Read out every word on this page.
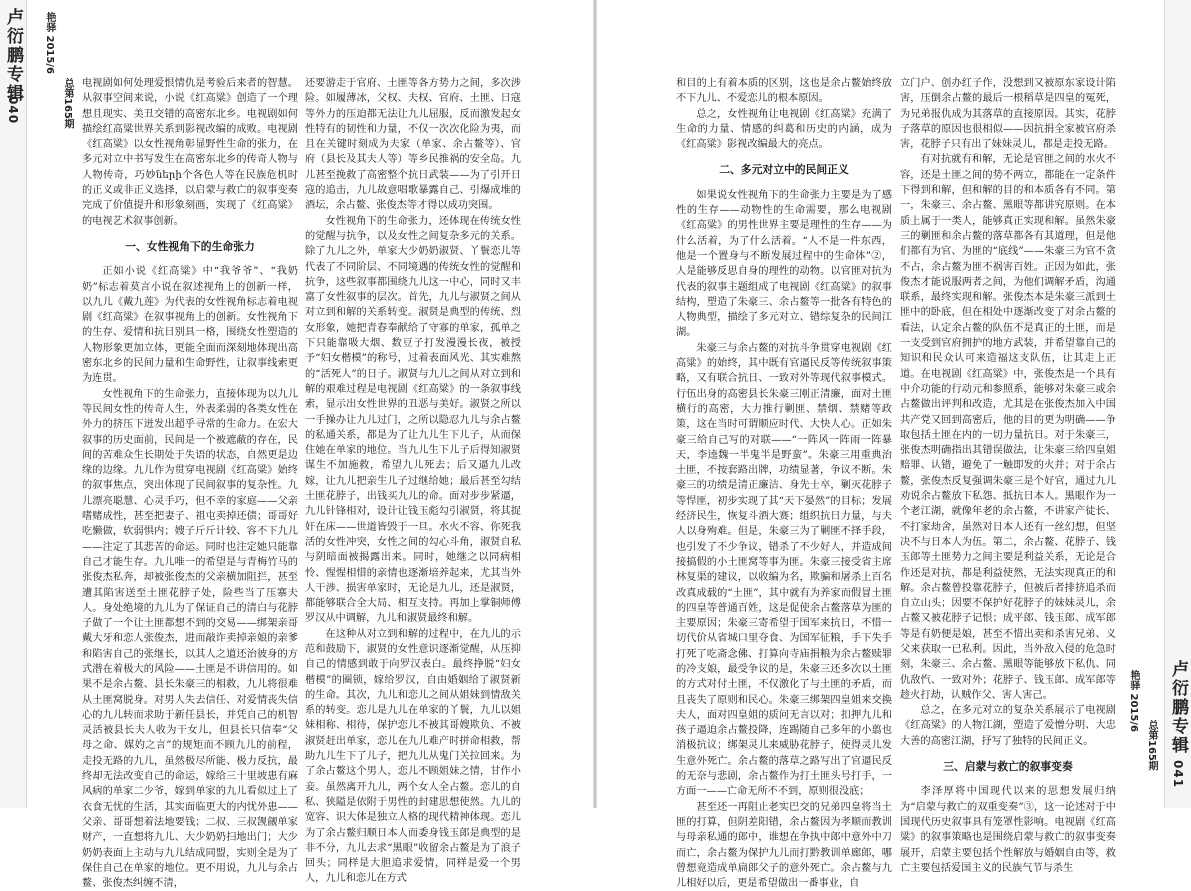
卢衍鹏专辑
040
艳驿 2015/6
总第165期 电视剧如何处理爱恨情仇是考验后来者的智慧。从叙事空间来说，小说《红高粱》创造了一个理想且现实、美丑交错的高密东北乡。电视剧如何描绘红高粱世界关系到影视改编的成败。电视剧《红高粱》以女性视角彰显野性生命的张力，在多元对立中书写发生在高密东北乡的传奇人物与人物传奇，巧妙ների个各色人等在民族危机时的正义或非正义选择，以启蒙与救亡的叙事变奏完成了价值提升和形象刻画，实现了《红高粱》的电视艺术叙事创新。

一、女性视角下的生命张力

正如小说《红高粱》中“我爷爷”、“我奶奶”标志着莫言小说在叙述视角上的创新一样，以九儿《戴九莲》为代表的女性视角标志着电视剧《红高粱》在叙事视角上的创新。女性视角下的生存、爱情和抗日别具一格，围绕女性塑造的人物形象更加立体，更能全面而深刻地体现出高密东北乡的民间力量和生命野性，让叙事线索更为连贯。

女性视角下的生命张力，直接体现为以九儿等民间女性的传奇人生，外表柔弱的各类女性在外力的挤压下迸发出超乎寻常的生命力。在宏大叙事的历史面前，民间是一个被遮蔽的存在，民间的苦难众生长期处于失语的状态，自然更是边缘的边缘。九儿作为贯穿电视剧《红高粱》始终的叙事焦点，突出体现了民间叙事的复杂性。九儿漂亮聪慧、心灵手巧，但不幸的家庭——父亲嗜赌成性，甚至把妻子、祖屯卖掉还债；哥哥好吃懒做，软弱惧内；嫂子斤斤计较、容不下九儿——注定了其悲苦的命运。同时也注定她只能靠自己才能生存。九儿唯一的希望是与青梅竹马的张俊杰私奔，却被张俊杰的父亲横加阻拦，甚至遭其陷害送至土匪花脖子处，险些当了压寨夫人。身处绝境的九儿为了保证自己的清白与花脖子做了一个让土匪都想不到的交易——绑架亲哥戴大牙和恋人张俊杰，进而敲诈卖掉亲娘的亲爹和陷害自己的张继长，以其人之道还治彼身的方式潜在着极大的风险——土匪是不讲信用的。如果不是余占鳌、县长朱豪三的相救，九儿将很难从土匪窝脱身。对男人失去信任、对爱情丧失信心的九儿转而求助于新任县长，并凭自己的机智灵活被县长夫人收为干女儿，但县长只信奉“父母之命、媒妁之言”的规矩而不顾九儿的前程，走投无路的九儿，虽然极尽所能、极力反抗，最终却无法改变自己的命运，嫁给三十里坡患有麻风病的单家二少爷，嫁到单家的九儿看似过上了衣食无忧的生活，其实面临更大的内忧外患——父亲、哥哥想着法地要钱；二叔、三叔觊觎单家财产，一直想将九儿、大少奶奶扫地出门；大少奶奶表面上主动与九儿结成同盟，实则全是为了保住自己在单家的地位。更不用说，九儿与余占鳌、张俊杰纠缠不清，

还要游走于官府、土匪等各方势力之间，多次涉险。如履薄冰，父权、夫权、官府、土匪、日寇等外力的压迫都无法让九儿屈服，反而激发起女性特有的韧性和力量，不仅一次次化险为夷，而且在关键时刻成为夫家（单家、余占鳌等）、官府（县长及其夫人等）等乡民推祸的安全岛。九儿甚至挽救了高密整个抗日武装——为了引开日寇的追击，九儿故意唱歌暴露自己、引爆成堆的酒坛，余占鳌、张俊杰等才得以成功突围。

女性视角下的生命张力，还体现在传统女性的觉醒与抗争，以及女性之间复杂多元的关系。除了九儿之外，单家大少奶奶淑贤、丫鬟恋儿等代表了不同阶层、不同境遇的传统女性的觉醒和抗争，这些叙事都围绕九儿这一中心，同时又丰富了女性叙事的层次。首先，九儿与淑贤之间从对立到和解的关系转变。淑贤是典型的传统、烈女形象，她把青春奉献给了守寡的单家，孤单之下只能靠吸大烟、数豆子打发漫漫长夜，被授予“妇女楷模”的称号，过着表面风光、其实难熬的“活死人”的日子。淑贤与九儿之间从对立到和解的艰难过程是电视剧《红高粱》的一条叙事线索，显示出女性世界的丑恶与美好。淑贤之所以一手操办让九儿过门，之所以隐忍九儿与余占鳌的私通关系，都是为了让九儿生下儿子，从而保住她在单家的地位。当九儿生下儿子后得知淑贤谋生不加施救，希望九儿死去；后又逼九儿改嫁，让九儿把亲生儿子过继给她；最后甚至勾结土匪花脖子，出钱买九儿的命。面对步步紧逼，九儿针锋相对，设计让钱玉彪勾引淑贤，将其捉奸在床——世道皆毁于一旦。水火不容、你死我活的女性冲突，女性之间的勾心斗角，淑贤自私与阴暗面被揭露出来。同时，她继之以同病相怜、惺惺相惜的亲情也逐渐培养起来，尤其当外人干涉、损害单家时，无论是九儿，还是淑贤，都能够联合全大局、相互支持。再加上掌铜师傅罗汉从中调解，九儿和淑贤最终和解。

在这种从对立到和解的过程中，在九儿的示范和鼓励下，淑贤的女性意识逐渐觉醒，从压抑自己的情感到敢于向罗汉表白。最终挣脱“妇女楷模”的圈锁，嫁给罗汉，自由婚姻给了淑贤新的生命。其次，九儿和恋儿之间从姐妹到情敌关系的转变。恋儿是九儿在单家的丫鬟，九儿以姐妹相称、相待，保护恋儿不被其哥嫂欺负、不被淑贤赶出单家，恋儿在九儿难产时拼命相救，帮助九儿生下了儿子，把九儿从鬼门关拉回来。为了余占鳌这个男人，恋儿不顾姐妹之情，甘作小妾。虽然离开九儿，两个女人全占鳌。恋儿的自私、狭隘是依附于男性的封建思想使然。九儿的宽容、识大体是独立人格的现代精神体现。恋儿为了余占鳌归顺日本人而委身钱玉郎是典型的是非不分，九儿去求“黑眼”收留余占鳌是为了浪子回头；同样是大胆追求爱情，同样是爱一个男人，九儿和恋儿在方式

和目的上有着本质的区别，这也是余占鳌始终放不下九儿、不爱恋儿的根本原因。

总之，女性视角让电视剧《红高粱》充满了生命的力量、情感的纠葛和历史的内涵，成为《红高粱》影视改编最大的亮点。

二、多元对立中的民间正义

如果说女性视角下的生命张力主要是为了感性的生存——动物性的生命需要，那么电视剧《红高粱》的男性世界主要是理性的生存——为什么活着，为了什么活着。“人不是一件东西，他是一个置身与不断发展过程中的生命体”②，人是能够反思自身的理性的动物。以官匪对抗为代表的叙事主题组成了电视剧《红高粱》的叙事结构，塑造了朱豪三、余占鳌等一批各有特色的人物典型，描绘了多元对立、错综复杂的民间江湖。

朱豪三与余占鳌的对抗斗争贯穿电视剧《红高粱》的始终，其中既有官逼民反等传统叙事策略，又有联合抗日、一致对外等现代叙事模式。行伍出身的高密县长朱豪三刚正清廉，面对土匪横行的高密，大力推行剿匪、禁烟、禁赌等政策，这在当时可谓顺应时代、大快人心。正如朱豪三给自己写的对联——“一阵风一阵雨一阵暴天，李逵魏一半鬼半是野蛮”。朱豪三用重典治土匪，不按套路出牌，功绩显著，争议不断。朱豪三的功绩是清正廉洁、身先士卒，剿灭花脖子等悍匪，初步实现了其“天下晏然”的目标；发展经济民生，恢复斗酒大赛；组织抗日力量，与夫人以身殉难。但是，朱豪三为了剿匪不择手段，也引发了不少争议，错杀了不少好人，并造成间接搞假的小土匪窝等事为匪。朱豪三接受省主席林复渠的建议，以收编为名，欺骗和屠杀上百名改真成载的“土匪”，其中就有为养家而假冒土匪的四皇等普通百姓，这是促使余占鳌落草为匪的主要原因；朱豪三寄希望于国军来抗日，不惜一切代价从省城口里夺食、为国军征粮，手下失手打死了吃斋念佛、打算向寺庙捐粮为余占鳌赎罪的冷支娘，最受争议的是，朱豪三还多次以土匪的方式对付土匪，不仅激化了与土匪的矛盾，而且丧失了原则和民心。朱豪三绑架四皇姐来交换夫人，面对四皇姐的质问无言以对；扣押九儿和孩子逼迫余占鳌投降，连踢随自己多年的小翦也消极抗议；绑架灵儿来威胁花脖子，使得灵儿发生意外死亡。余占鳌的落草之路写出了官逼民反的无奈与悲剧，余占鳌作为打土匪头号打手，一方面一——亡命无所不不到，原则很没底；

甚至还一再阻止老实巴交的兄弟四皇将当土匪的打算，但阴差阳错，余占鳌因为孝顺而教训与母亲私通的郎中，谁想在争执中郎中意外中刀而亡，余占鳌为保护九儿而打黔教训单廊郎，哪曾想竟造成单扁郎父子的意外死亡。余占鳌与九儿相好以后，更是希望做出一番事业，自

立门户、创办红子作，没想到又被原东家设计陷害，压倒余占鳌的最后一根稻草是四皇的冤死，为兄弟报仇成为其落草的直接原因。其实，花脖子落草的原因也很相似——因抗捐全家被官府杀害，花脖子只有出了妹妹灵儿，都是走投无路。

有对抗就有和解，无论是官匪之间的水火不容，还是土匪之间的势不两立，都能在一定条件下得到和解，但和解的目的和本质各有不同。第一，朱豪三、余占鳌、黑眼等都讲究原则。在本质上属于一类人，能够真正实现和解。虽然朱豪三的剿匪和余占鳌的落草都各有其道理，但是他们都有为官、为匪的“底线”——朱豪三为官不贪不占，余占鳌为匪不祸害百姓。正因为如此，张俊杰才能说服两者之间，为他们调解矛盾，沟通联系，最终实现和解。张俊杰本是朱豪三派到土匪中的卧底，但在相处中逐渐改变了对余占鳌的看法，认定余占鳌的队伍不是真正的土匪，而是一支受到官府拥护的地方武装，并希望靠自己的知识和民众认可来造福这支队伍，让其走上正道。在电视剧《红高粱》中，张俊杰是一个具有中介功能的行动元和参照系，能够对朱豪三或余占鳌做出评判和改造，尤其是在张俊杰加入中国共产党又回到高密后，他的目的更为明确——争取包括土匪在内的一切力量抗日。对于朱豪三，张俊杰明确指出其错误做法，让朱豪三给四皇姐赔罪、认错，避免了一触即发的火并；对于余占鳌，张俊杰反复强调朱豪三是个好官，通过九儿劝说余占鳌放下私怨、抵抗日本人。黑眼作为一个老江湖，就像年老的余占鳌，不讲家产徒长、不打家劫舍，虽然对日本人还有一丝幻想，但坚决不与日本人为伍。第二，余占鳌、花脖子、钱玉郎等土匪势力之间主要是利益关系，无论是合作还是对抗，都是利益使然，无法实现真正的和解。余占鳌曾投靠花脖子，但被后者排挤追杀而自立山头；因要不保护好花脖子的妹妹灵儿，余占鳌又被花脖子记恨；成平郎、钱玉郎、成军郎等是有奶便是娘，甚至不惜出卖和杀害兄弟、义父来获取一已私利。因此，当外敌入侵的危急时刻，朱豪三、余占鳌、黑眼等能够放下私仇、同仇敌忾、一致对外；花脖子、钱玉郎、成军郎等趁火打劫，认贼作父、害人害己。

总之，在多元对立的复杂关系展示了电视剧《红高粱》的人物江湖，塑造了爱憎分明、大忠大善的高密江湖，抒写了独特的民间正义。

三、启蒙与救亡的叙事变奏

李泽厚将中国现代以来的思想发展归纳为“启蒙与救亡的双重变奏”③，这一论述对于中国现代历史叙事具有笼罩性影响。电视剧《红高粱》的叙事策略也是围绕启蒙与救亡的叙事变奏展开，启蒙主要包括个性解放与婚姻自由等，救亡主要包括爱国主义的民族气节与杀生

艳驿 2015/6
总第165期 卢衍鹏专辑
041
